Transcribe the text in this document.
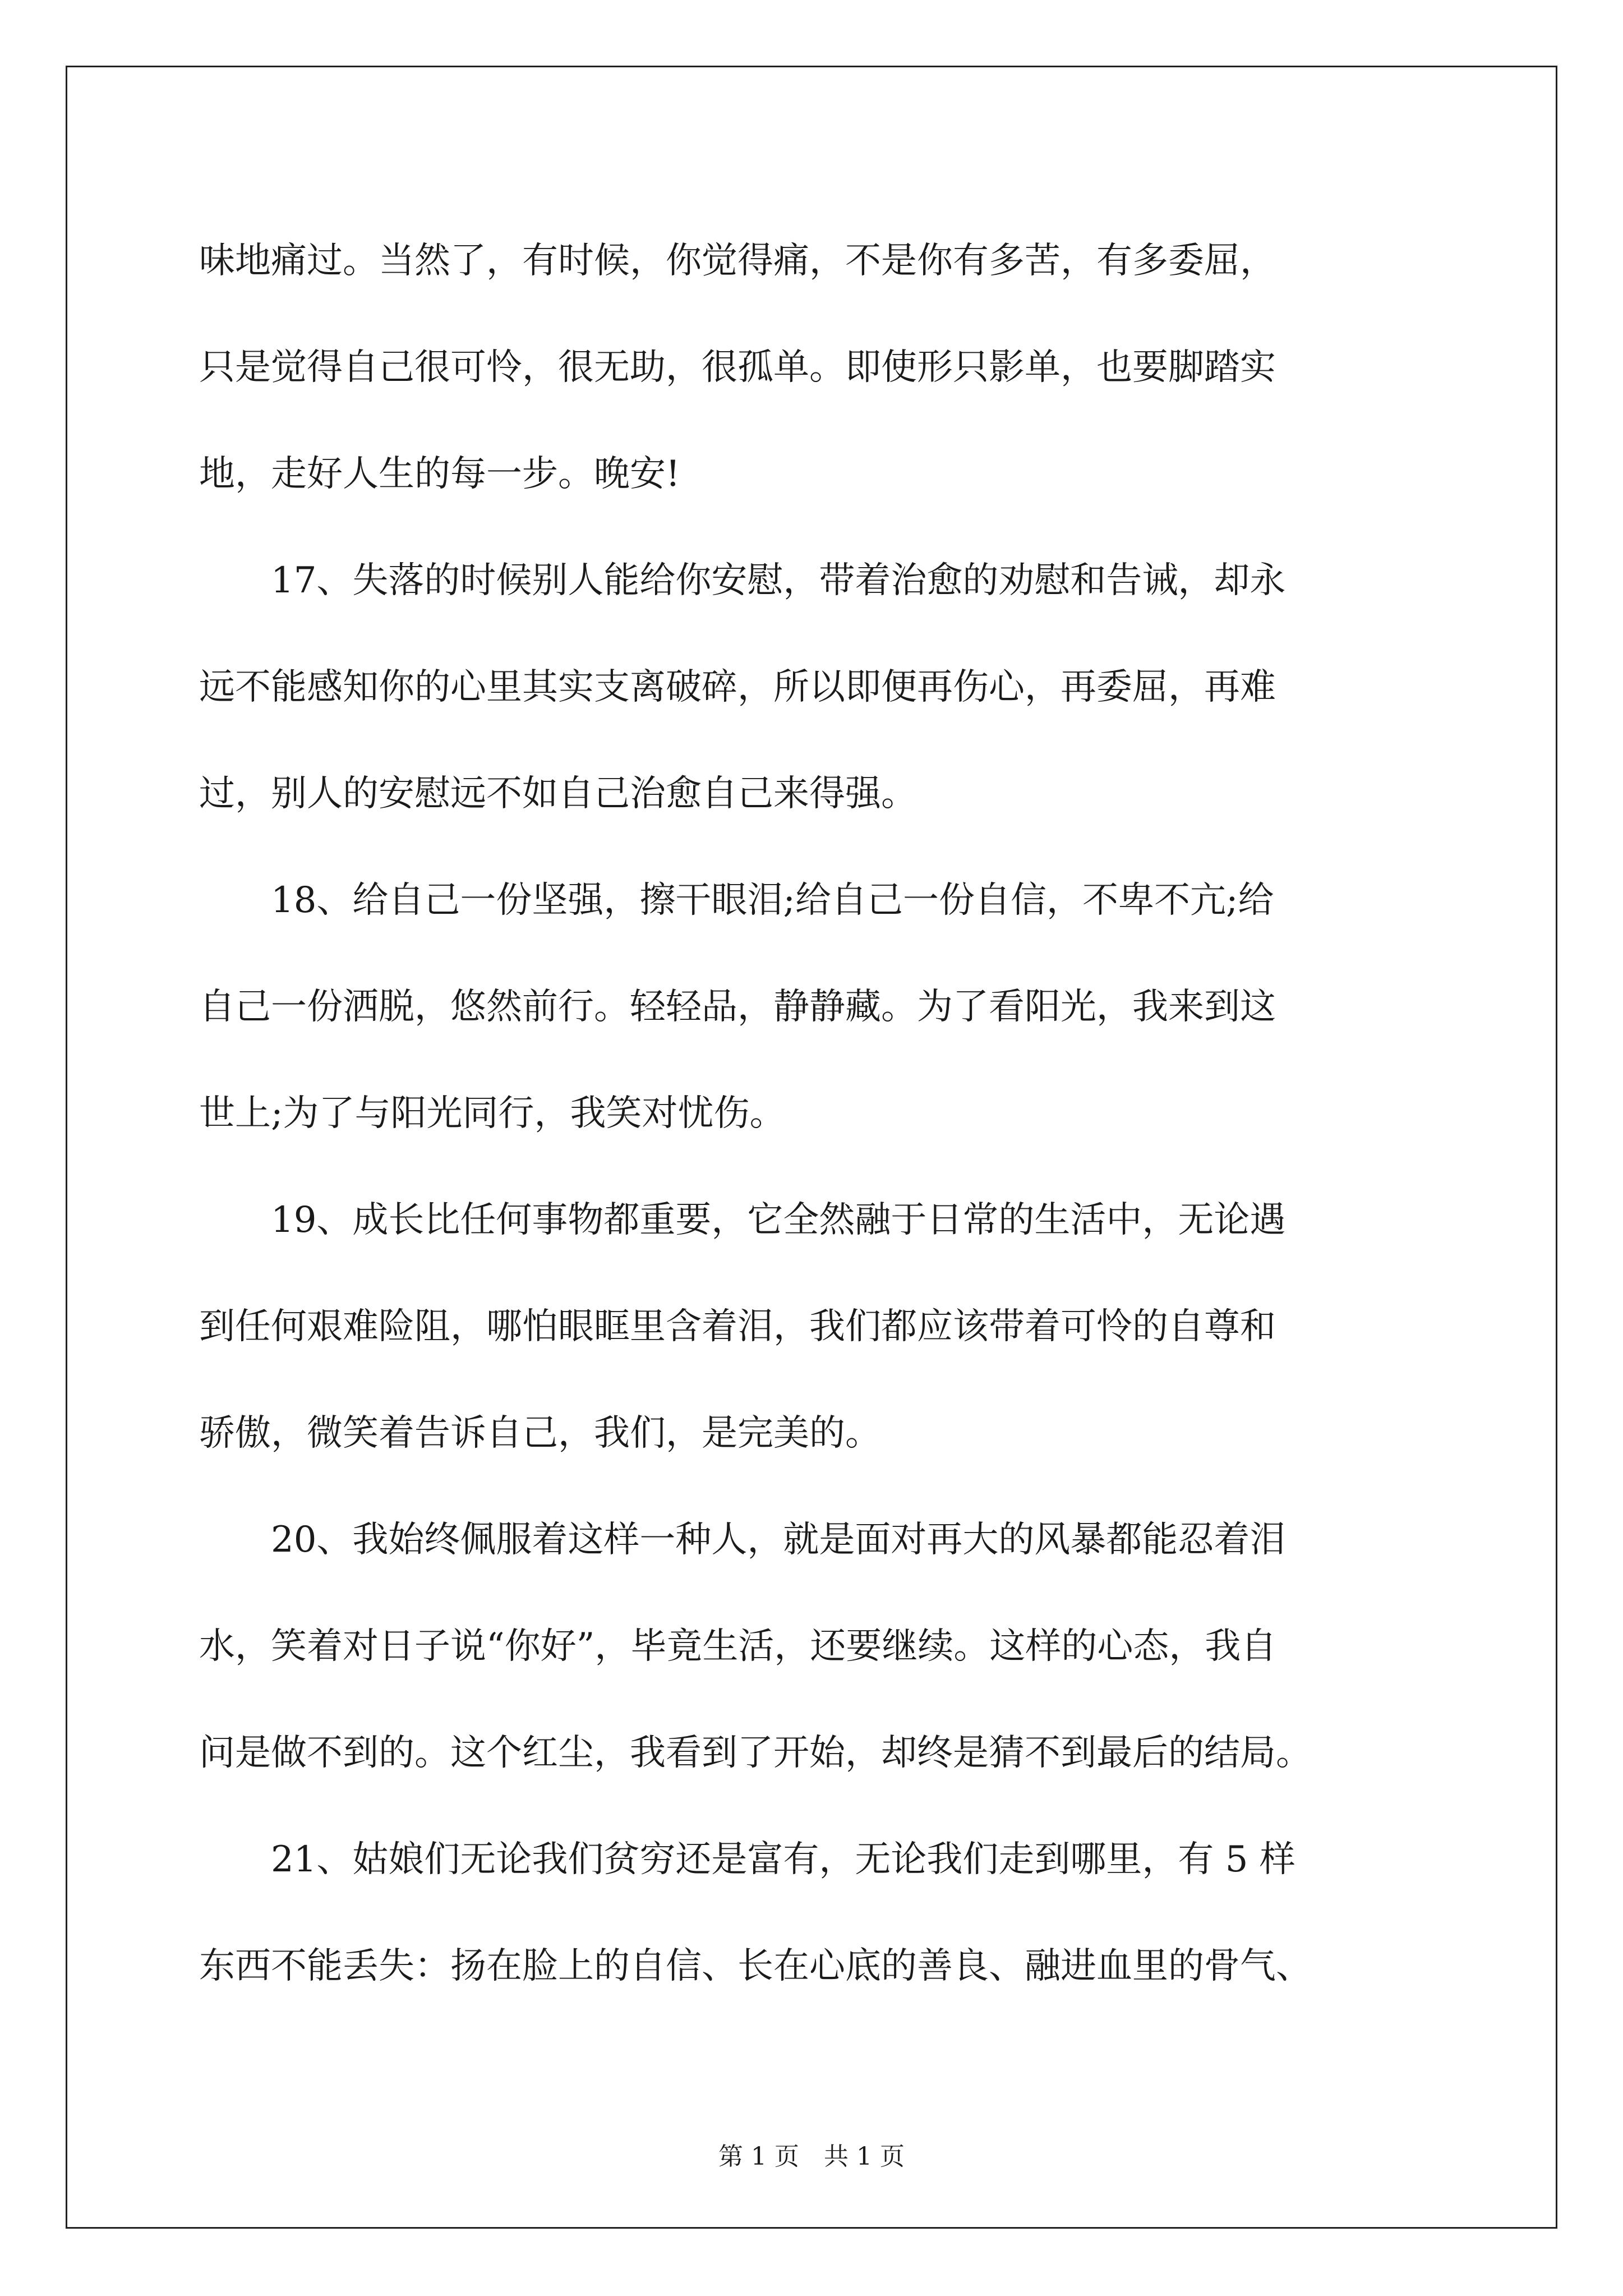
味地痛过。当然了，有时候，你觉得痛，不是你有多苦，有多委屈，
只是觉得自己很可怜，很无助，很孤单。即使形只影单，也要脚踏实
地，走好人生的每一步。晚安!
　　17、失落的时候别人能给你安慰，带着治愈的劝慰和告诫，却永
远不能感知你的心里其实支离破碎，所以即便再伤心，再委屈，再难
过，别人的安慰远不如自己治愈自己来得强。
　　18、给自己一份坚强，擦干眼泪;给自己一份自信，不卑不亢;给
自己一份洒脱，悠然前行。轻轻品，静静藏。为了看阳光，我来到这
世上;为了与阳光同行，我笑对忧伤。
　　19、成长比任何事物都重要，它全然融于日常的生活中，无论遇
到任何艰难险阻，哪怕眼眶里含着泪，我们都应该带着可怜的自尊和
骄傲，微笑着告诉自己，我们，是完美的。
　　20、我始终佩服着这样一种人，就是面对再大的风暴都能忍着泪
水，笑着对日子说“你好”，毕竟生活，还要继续。这样的心态，我自
问是做不到的。这个红尘，我看到了开始，却终是猜不到最后的结局。
　　21、姑娘们无论我们贫穷还是富有，无论我们走到哪里，有 5 样
东西不能丢失：扬在脸上的自信、长在心底的善良、融进血里的骨气、
第 1 页　共 1 页
